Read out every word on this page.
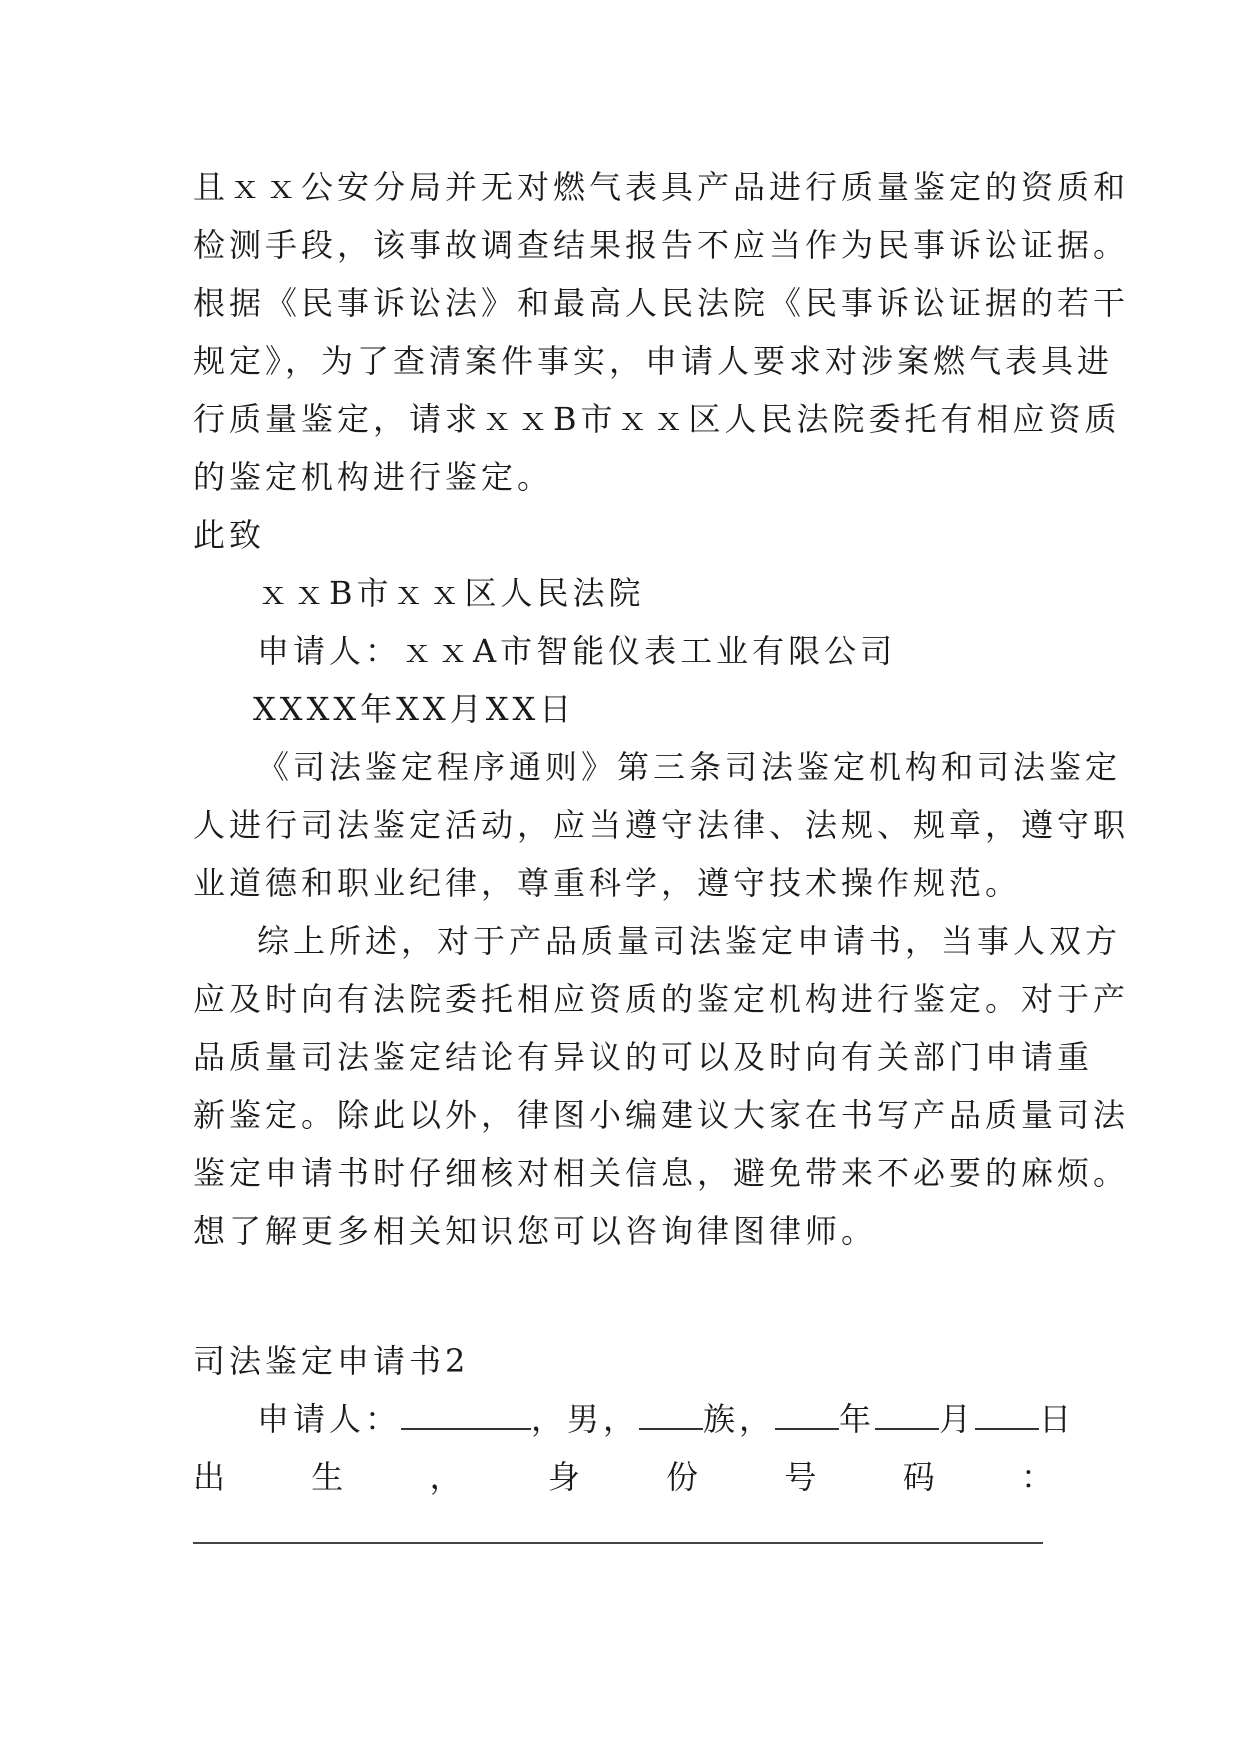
且ｘｘ公安分局并无对燃气表具产品进行质量鉴定的资质和
检测手段，该事故调查结果报告不应当作为民事诉讼证据。
根据《民事诉讼法》和最高人民法院《民事诉讼证据的若干
规定》，为了查清案件事实，申请人要求对涉案燃气表具进
行质量鉴定，请求ｘｘB市ｘｘ区人民法院委托有相应资质
的鉴定机构进行鉴定。
此致
ｘｘB市ｘｘ区人民法院
申请人：ｘｘA市智能仪表工业有限公司
XXXX年XX月XX日
《司法鉴定程序通则》第三条司法鉴定机构和司法鉴定
人进行司法鉴定活动，应当遵守法律、法规、规章，遵守职
业道德和职业纪律，尊重科学，遵守技术操作规范。
综上所述，对于产品质量司法鉴定申请书，当事人双方
应及时向有法院委托相应资质的鉴定机构进行鉴定。对于产
品质量司法鉴定结论有异议的可以及时向有关部门申请重
新鉴定。除此以外，律图小编建议大家在书写产品质量司法
鉴定申请书时仔细核对相关信息，避免带来不必要的麻烦。
想了解更多相关知识您可以咨询律图律师。
司法鉴定申请书2
申请人：	，男， 族， 年 月 日
出	生	，	身	份	号	码	：
